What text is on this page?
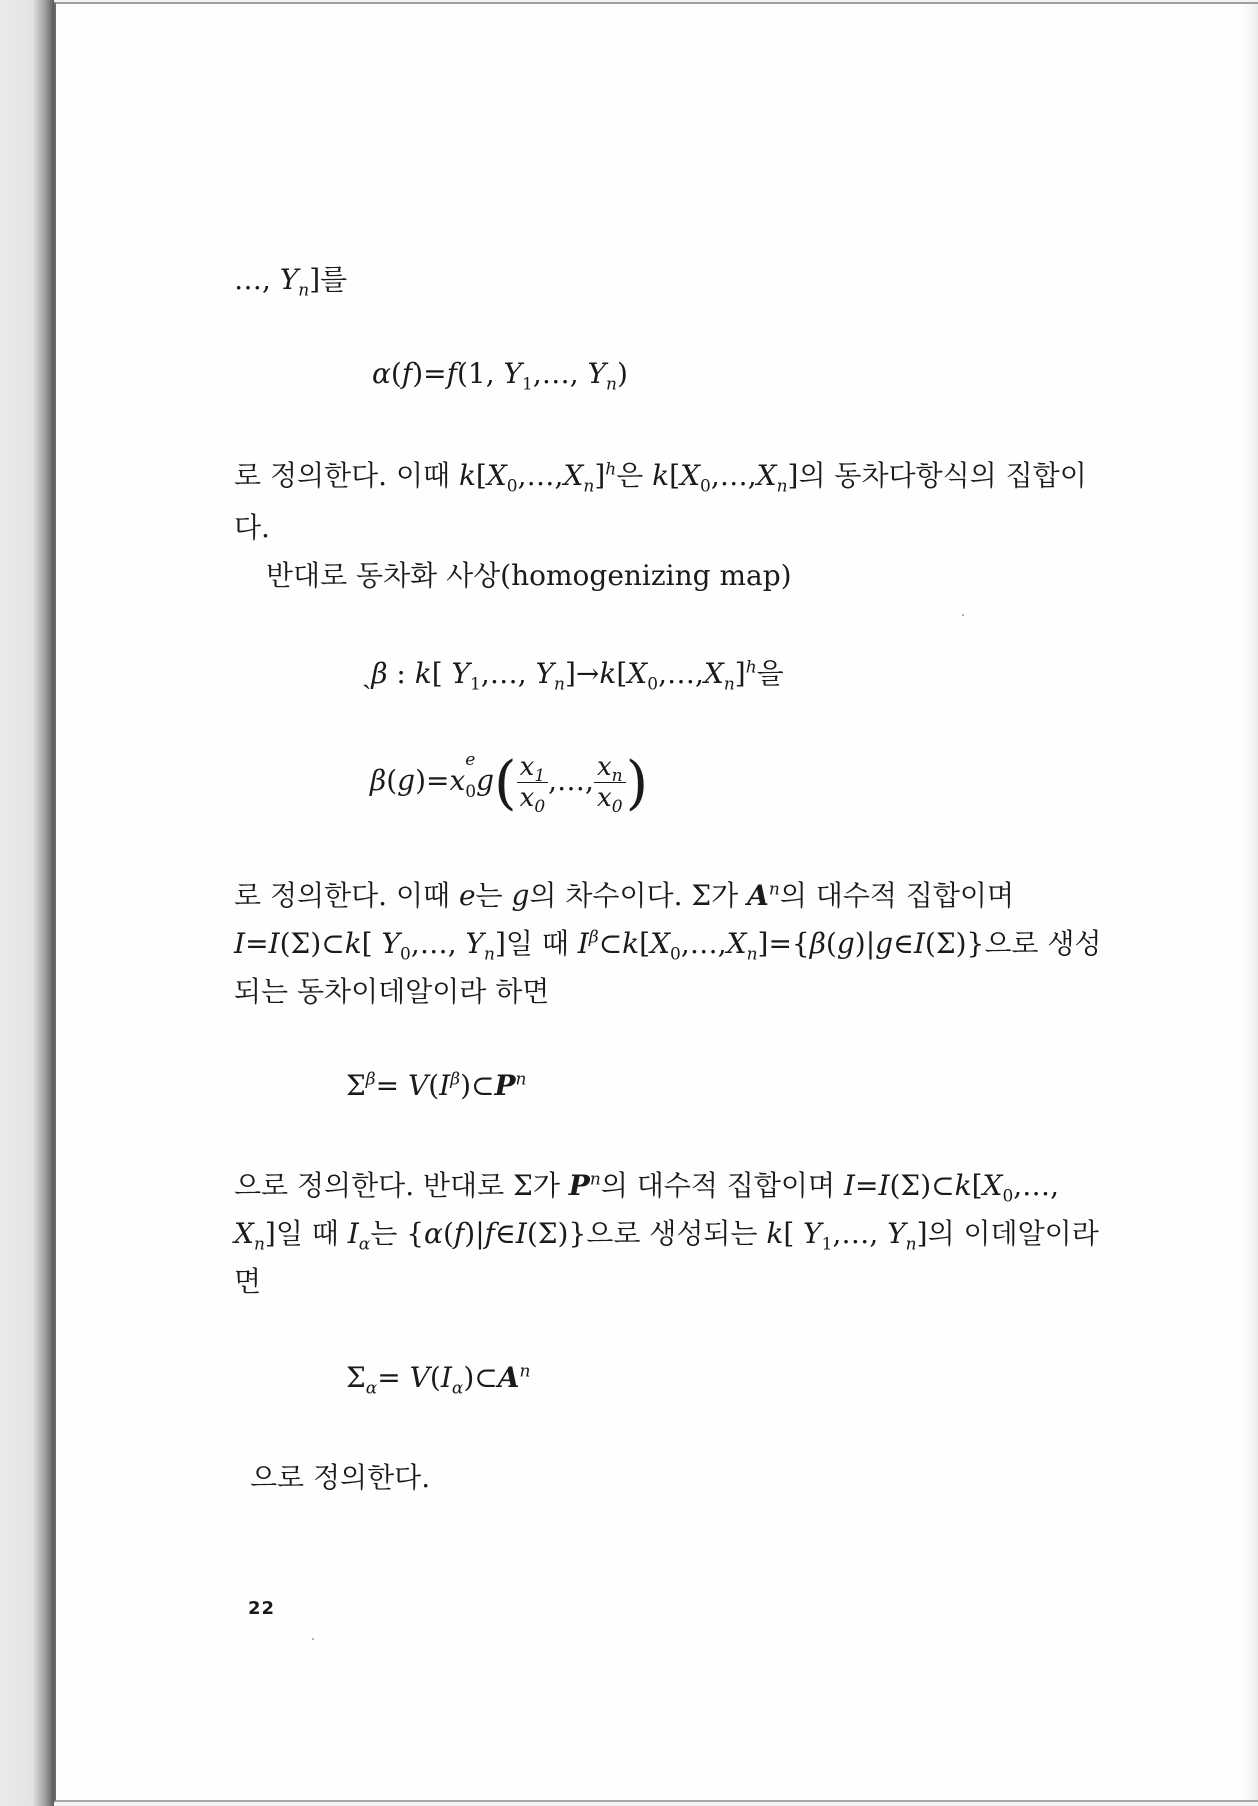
…, $Y_n$]를
α(f)=f(1, $Y_1,\dots$, $Y_n$)
로 정의한다. 이때 $k[X_0,\dots,X_n]^h$은 $k[X_0,\dots,X_n]$의 동차다항식의 집합이
다.
반대로 동차화 사상(homogenizing map)
ˎβ : k[ $Y_1,\dots$, $Y_n]\to k[X_0,\dots,X_n]^h$을
β(g)=x
$_{e 0}g( \frac{x_1}{x_0}$ ,…, $\frac{x_n}{x_0}$ )
로 정의한다. 이때 e는 g의 차수이다. Σ가 $A^n$의 대수적 집합이며
I=I(Σ)⊂k[ $Y_0,\dots$, $Y_n$]일 때 $I^\beta\subset k[X_0,\dots,X_n]=\{\beta(g)|g\in I(\Sigma)\}$으로 생성
되는 동차이데알이라 하면
$\Sigma^\beta=$ $V(I^\beta)\subset P^n$
으로 정의한다. 반대로 Σ가 $P^n$의 대수적 집합이며 $I=I(\Sigma)\subset k[X_0,\dots$,
$X_n$]일 때 $I_\alpha$는 {α(f)|f∈I(Σ)}으로 생성되는 k[ $Y_1,\dots$, $Y_n$]의 이데알이라
면
$\Sigma_\alpha=$ $V(I_\alpha)\subset A^n$
으로 정의한다.
22
